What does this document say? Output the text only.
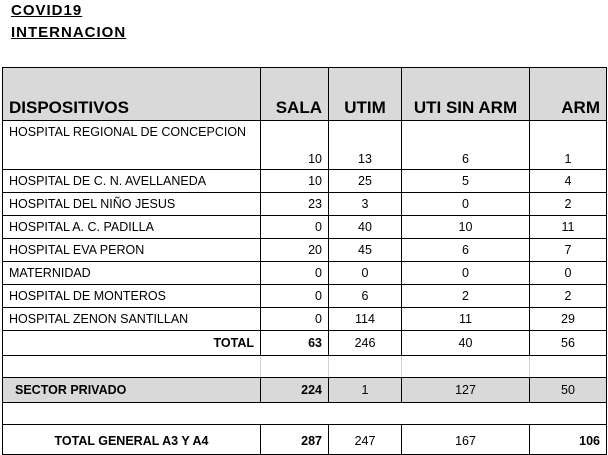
COVID19
INTERNACION
DISPOSITIVOS	SALA	UTIM	UTI SIN ARM	ARM
HOSPITAL REGIONAL DE CONCEPCION	10	13	6	1
HOSPITAL DE C. N. AVELLANEDA	10	25	5	4
HOSPITAL DEL NIÑO JESUS	23	3	0	2
HOSPITAL A. C. PADILLA	0	40	10	11
HOSPITAL EVA PERON	20	45	6	7
MATERNIDAD	0	0	0	0
HOSPITAL DE MONTEROS	0	6	2	2
HOSPITAL ZENON SANTILLAN	0	114	11	29
TOTAL	63	246	40	56

SECTOR PRIVADO	224	1	127	50

TOTAL GENERAL A3 Y A4	287	247	167	106
